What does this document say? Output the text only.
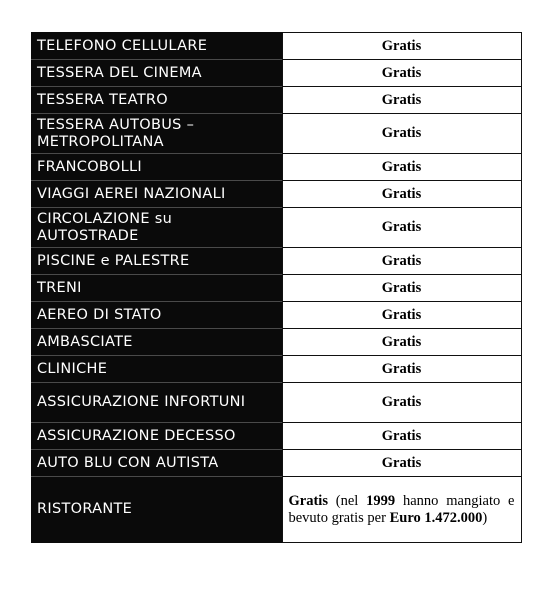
TELEFONO CELLULARE	Gratis
TESSERA DEL CINEMA	Gratis
TESSERA TEATRO	Gratis
TESSERA AUTOBUS – METROPOLITANA	Gratis
FRANCOBOLLI	Gratis
VIAGGI AEREI NAZIONALI	Gratis
CIRCOLAZIONE su AUTOSTRADE	Gratis
PISCINE e PALESTRE	Gratis
TRENI	Gratis
AEREO DI STATO	Gratis
AMBASCIATE	Gratis
CLINICHE	Gratis
ASSICURAZIONE INFORTUNI	Gratis
ASSICURAZIONE DECESSO	Gratis
AUTO BLU CON AUTISTA	Gratis
RISTORANTE	Gratis (nel 1999 hanno mangiato e bevuto gratis per Euro 1.472.000)
